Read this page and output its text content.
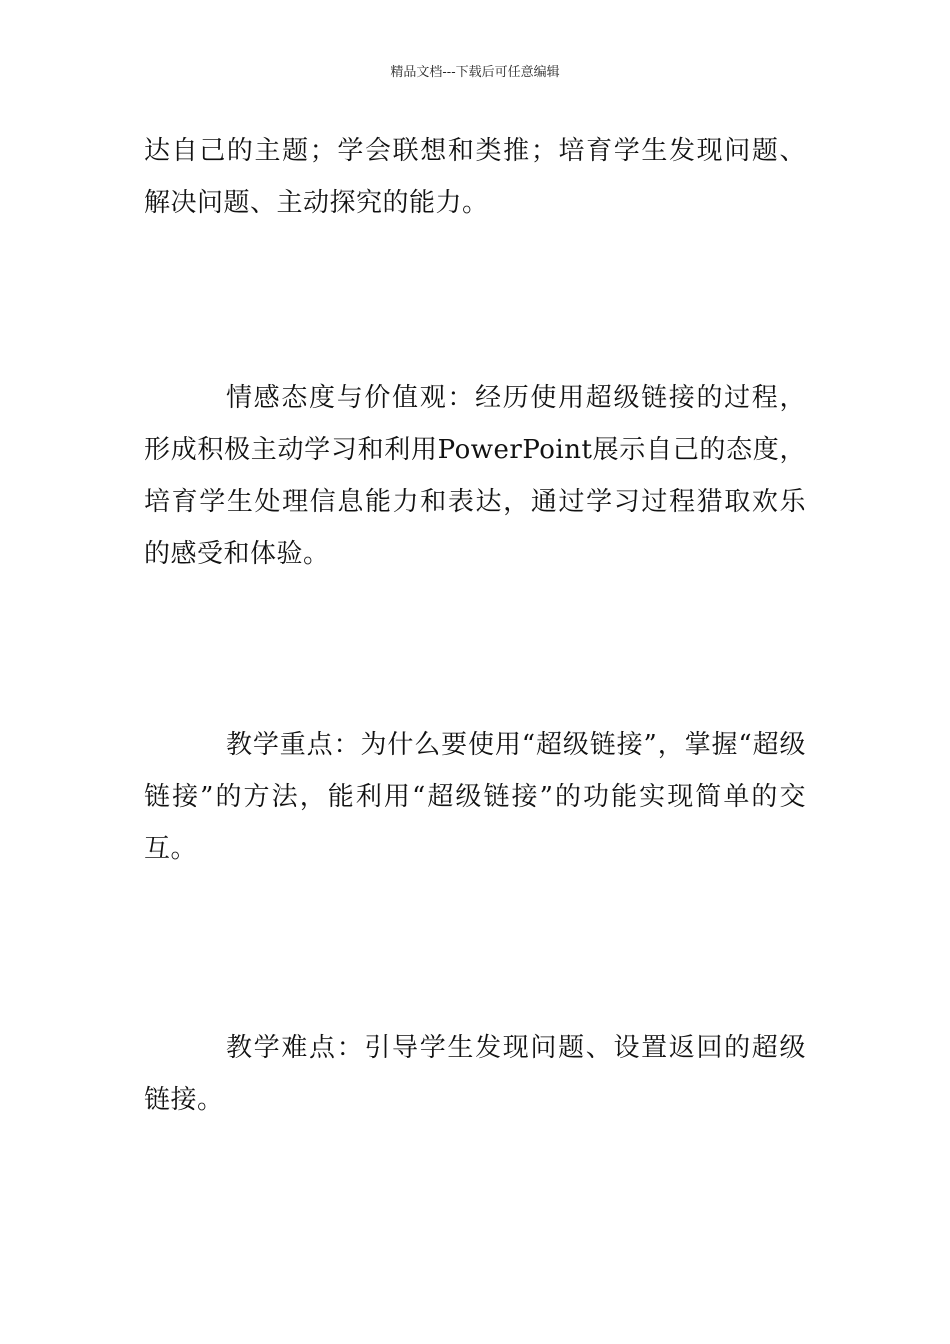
精品文档---下载后可任意编辑

达自己的主题；学会联想和类推；培育学生发现问题、解决问题、主动探究的能力。

情感态度与价值观：经历使用超级链接的过程，形成积极主动学习和利用PowerPoint展示自己的态度，培育学生处理信息能力和表达，通过学习过程猎取欢乐的感受和体验。

教学重点：为什么要使用“超级链接”，掌握“超级链接”的方法，能利用“超级链接”的功能实现简单的交互。

教学难点：引导学生发现问题、设置返回的超级链接。
